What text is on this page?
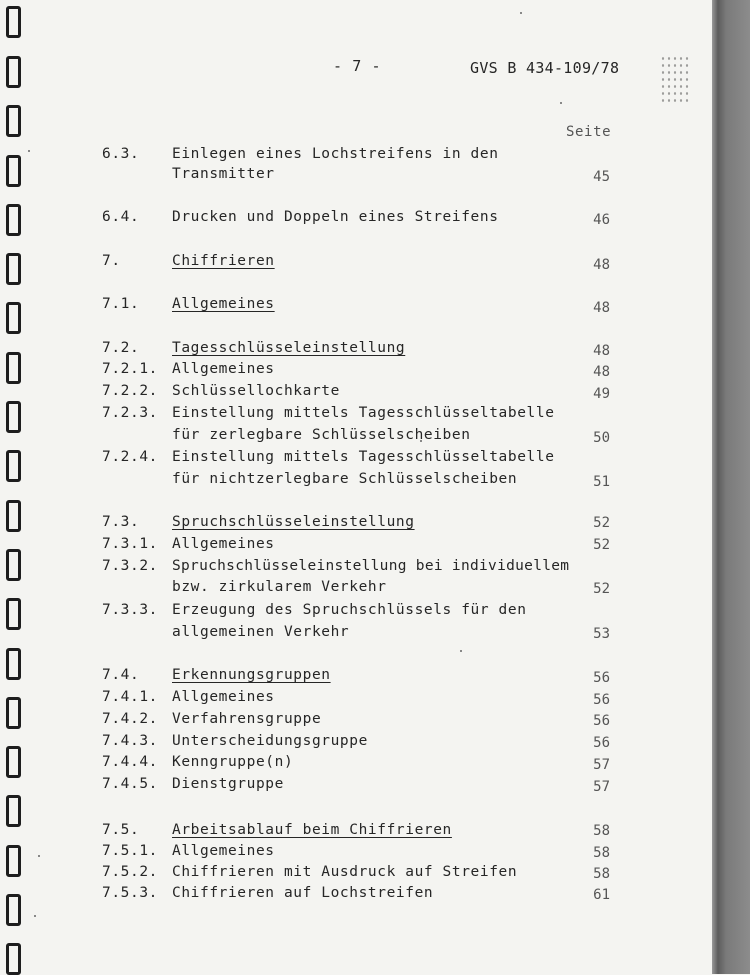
- 7 -	GVS B 434-109/78
Seite
6.3. Einlegen eines Lochstreifens in den
Transmitter	45
6.4. Drucken und Doppeln eines Streifens	46
7.	Chiffrieren	48
7.1. Allgemeines	48
7.2. Tagesschlüsseleinstellung	48
7.2.1. Allgemeines	48
7.2.2. Schlüssellochkarte	49
7.2.3. Einstellung mittels Tagesschlüsseltabelle
für zerlegbare Schlüsselscheiben	50
7.2.4. Einstellung mittels Tagesschlüsseltabelle
für nichtzerlegbare Schlüsselscheiben	51
7.3. Spruchschlüsseleinstellung	52
7.3.1. Allgemeines	52
7.3.2. Spruchschlüsseleinstellung bei individuellem
bzw. zirkularem Verkehr	52
7.3.3. Erzeugung des Spruchschlüssels für den
allgemeinen Verkehr	53
7.4. Erkennungsgruppen	56
7.4.1. Allgemeines	56
7.4.2. Verfahrensgruppe	56
7.4.3. Unterscheidungsgruppe	56
7.4.4. Kenngruppe(n)	57
7.4.5. Dienstgruppe	57
7.5. Arbeitsablauf beim Chiffrieren	58
7.5.1. Allgemeines	58
7.5.2. Chiffrieren mit Ausdruck auf Streifen	58
7.5.3. Chiffrieren auf Lochstreifen	61
